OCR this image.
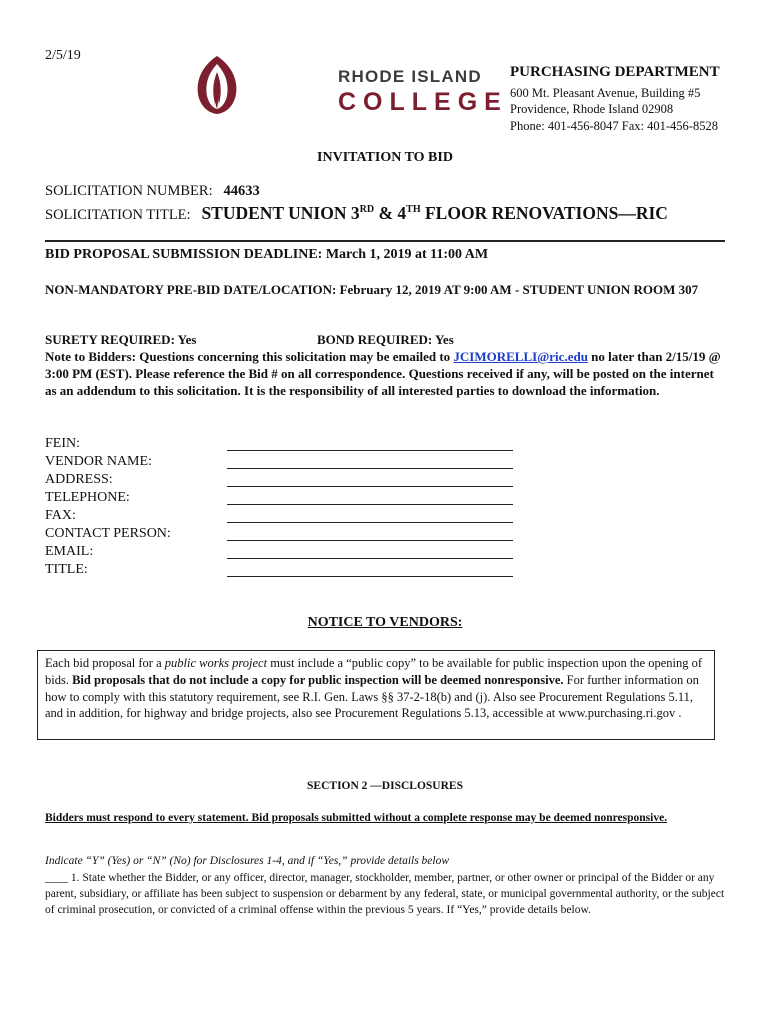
2/5/19
RHODE ISLAND
COLLEGE
PURCHASING DEPARTMENT
600 Mt. Pleasant Avenue, Building #5
Providence, Rhode Island 02908
Phone: 401-456-8047 Fax: 401-456-8528
INVITATION TO BID
SOLICITATION NUMBER: 44633
SOLICITATION TITLE: STUDENT UNION 3RD & 4TH FLOOR RENOVATIONS—RIC
BID PROPOSAL SUBMISSION DEADLINE: March 1, 2019 at 11:00 AM
NON-MANDATORY PRE-BID DATE/LOCATION: February 12, 2019 AT 9:00 AM - STUDENT UNION ROOM 307
SURETY REQUIRED: Yes	BOND REQUIRED: Yes
Note to Bidders: Questions concerning this solicitation may be emailed to JCIMORELLI@ric.edu no later than 2/15/19 @ 3:00 PM (EST). Please reference the Bid # on all correspondence. Questions received if any, will be posted on the internet as an addendum to this solicitation. It is the responsibility of all interested parties to download the information.
FEIN:
VENDOR NAME:
ADDRESS:
TELEPHONE:
FAX:
CONTACT PERSON:
EMAIL:
TITLE:
NOTICE TO VENDORS:
Each bid proposal for a public works project must include a “public copy” to be available for public inspection upon the opening of bids. Bid proposals that do not include a copy for public inspection will be deemed nonresponsive. For further information on how to comply with this statutory requirement, see R.I. Gen. Laws §§ 37-2-18(b) and (j). Also see Procurement Regulations 5.11, and in addition, for highway and bridge projects, also see Procurement Regulations 5.13, accessible at www.purchasing.ri.gov .
SECTION 2 —DISCLOSURES
Bidders must respond to every statement. Bid proposals submitted without a complete response may be deemed nonresponsive.
Indicate “Y” (Yes) or “N” (No) for Disclosures 1-4, and if “Yes,” provide details below
____ 1. State whether the Bidder, or any officer, director, manager, stockholder, member, partner, or other owner or principal of the Bidder or any parent, subsidiary, or affiliate has been subject to suspension or debarment by any federal, state, or municipal governmental authority, or the subject of criminal prosecution, or convicted of a criminal offense within the previous 5 years. If “Yes,” provide details below.
